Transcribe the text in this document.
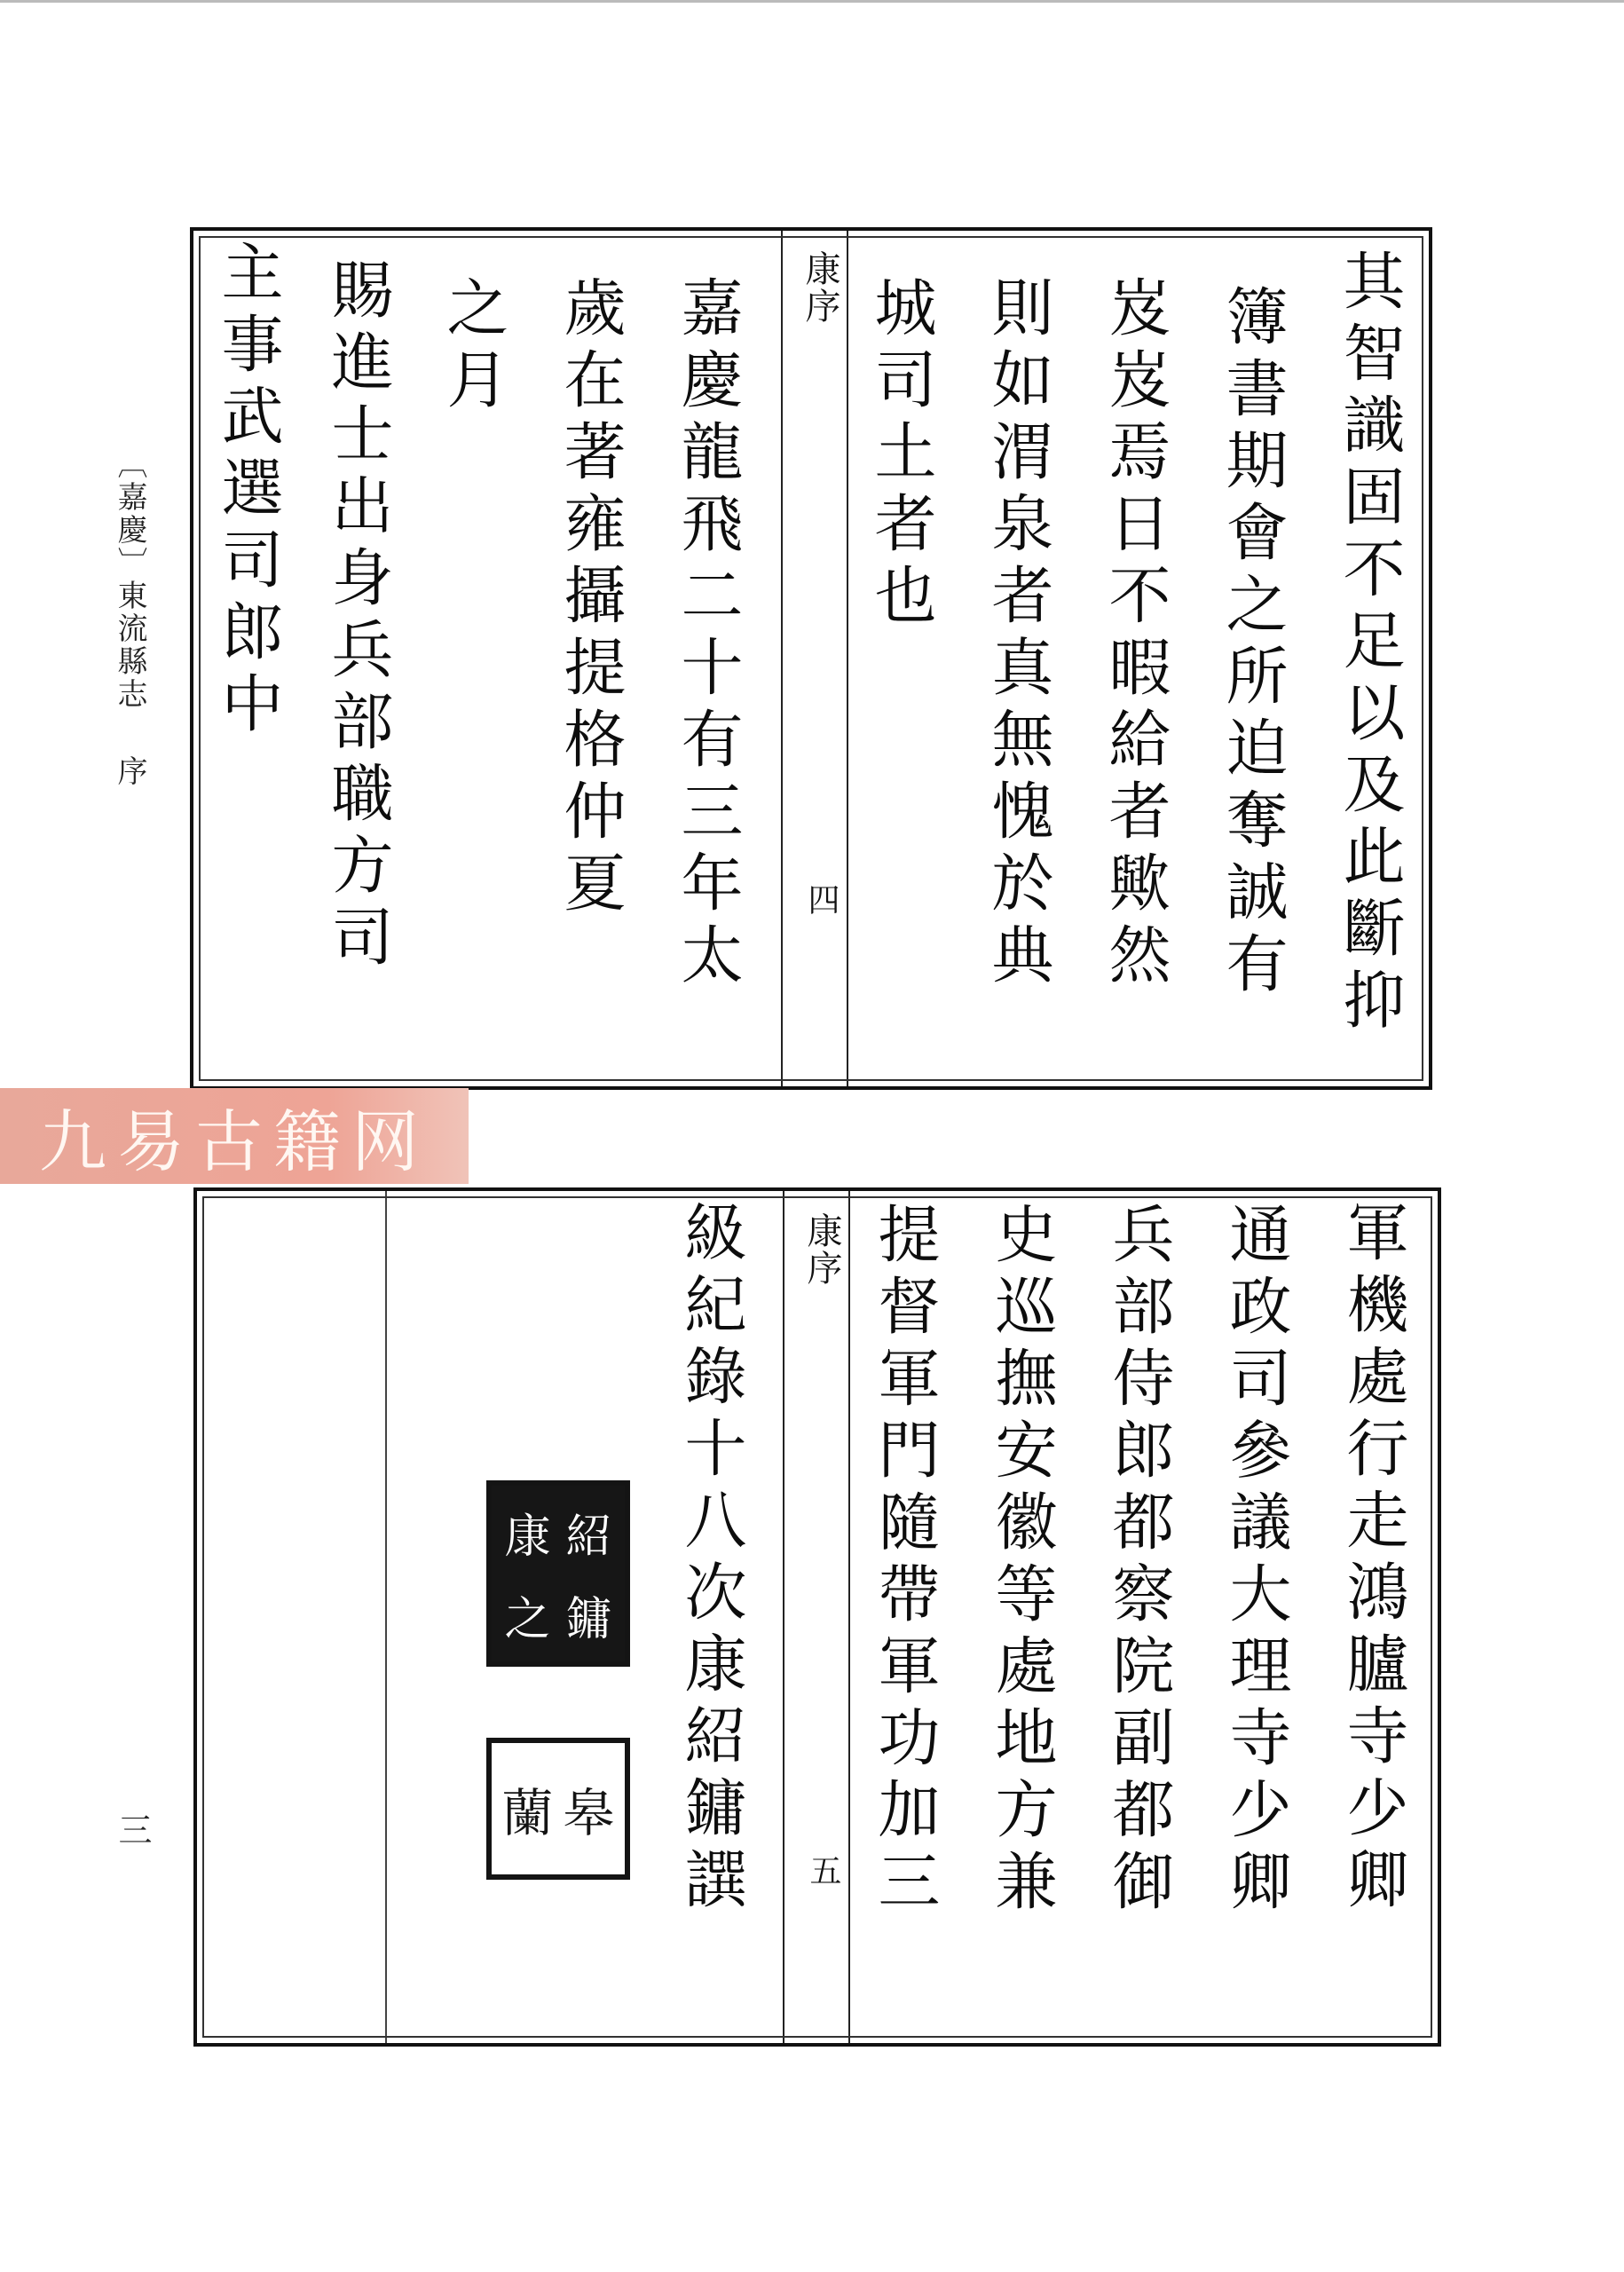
〔嘉慶〕東流縣志序
三
康序
四	其智識固不足以及此斷抑
簿書期會之所迫奪誠有
岌岌焉日不暇給者歟然
則如渭泉者真無愧於典
城司土者也
嘉慶龍飛二十有三年太
歲在著雍攝提格仲夏
之月
賜進士出身兵部職方司
主事武選司郎中
九易古籍网
康序
五	軍機處行走鴻臚寺少卿
通政司參議大理寺少卿
兵部侍郎都察院副都御
史巡撫安徽等處地方兼
提督軍門隨帶軍功加三
級紀錄十八次康紹鏞譔
康 紹
之 鏞
蘭 皋
